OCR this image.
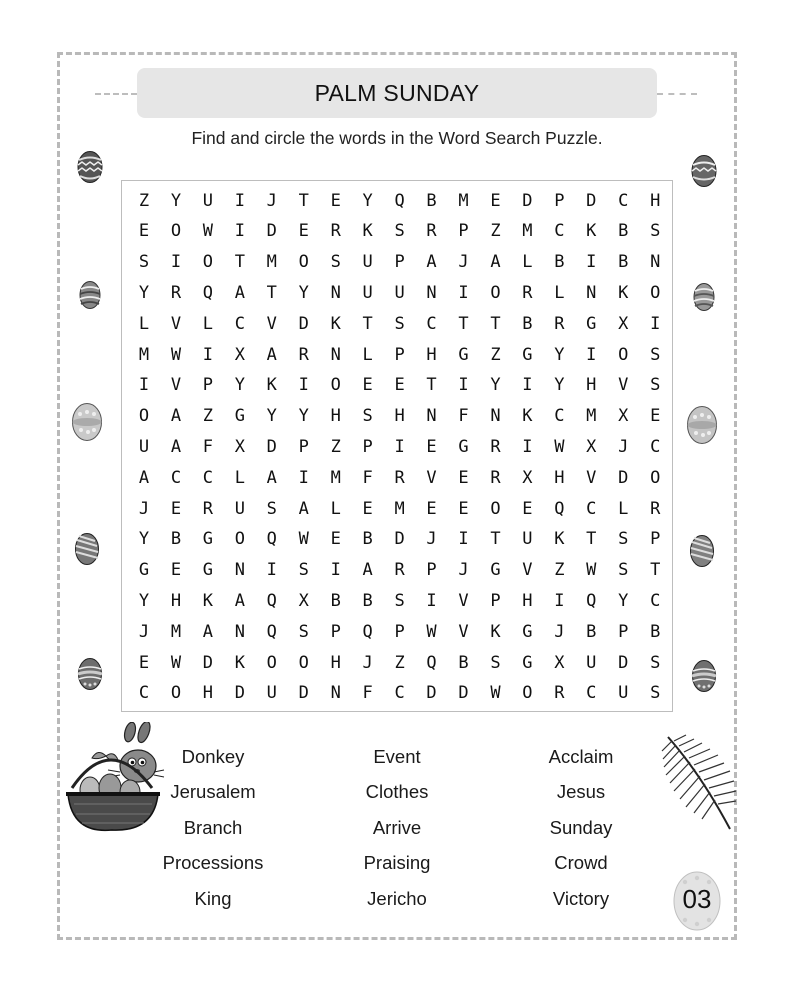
PALM SUNDAY
Find and circle the words in the Word Search Puzzle.
Z	Y	U	I	J	T	E	Y	Q	B	M	E	D	P	D	C	H
E	O	W	I	D	E	R	K	S	R	P	Z	M	C	K	B	S
S	I	O	T	M	O	S	U	P	A	J	A	L	B	I	B	N
Y	R	Q	A	T	Y	N	U	U	N	I	O	R	L	N	K	O
L	V	L	C	V	D	K	T	S	C	T	T	B	R	G	X	I
M	W	I	X	A	R	N	L	P	H	G	Z	G	Y	I	O	S
I	V	P	Y	K	I	O	E	E	T	I	Y	I	Y	H	V	S
O	A	Z	G	Y	Y	H	S	H	N	F	N	K	C	M	X	E
U	A	F	X	D	P	Z	P	I	E	G	R	I	W	X	J	C
A	C	C	L	A	I	M	F	R	V	E	R	X	H	V	D	O
J	E	R	U	S	A	L	E	M	E	E	O	E	Q	C	L	R
Y	B	G	O	Q	W	E	B	D	J	I	T	U	K	T	S	P
G	E	G	N	I	S	I	A	R	P	J	G	V	Z	W	S	T
Y	H	K	A	Q	X	B	B	S	I	V	P	H	I	Q	Y	C
J	M	A	N	Q	S	P	Q	P	W	V	K	G	J	B	P	B
E	W	D	K	O	O	H	J	Z	Q	B	S	G	X	U	D	S
C	O	H	D	U	D	N	F	C	D	D	W	O	R	C	U	S
Donkey	Event	Acclaim
Jerusalem	Clothes	Jesus
Branch	Arrive	Sunday
Processions	Praising	Crowd
King	Jericho	Victory	03
